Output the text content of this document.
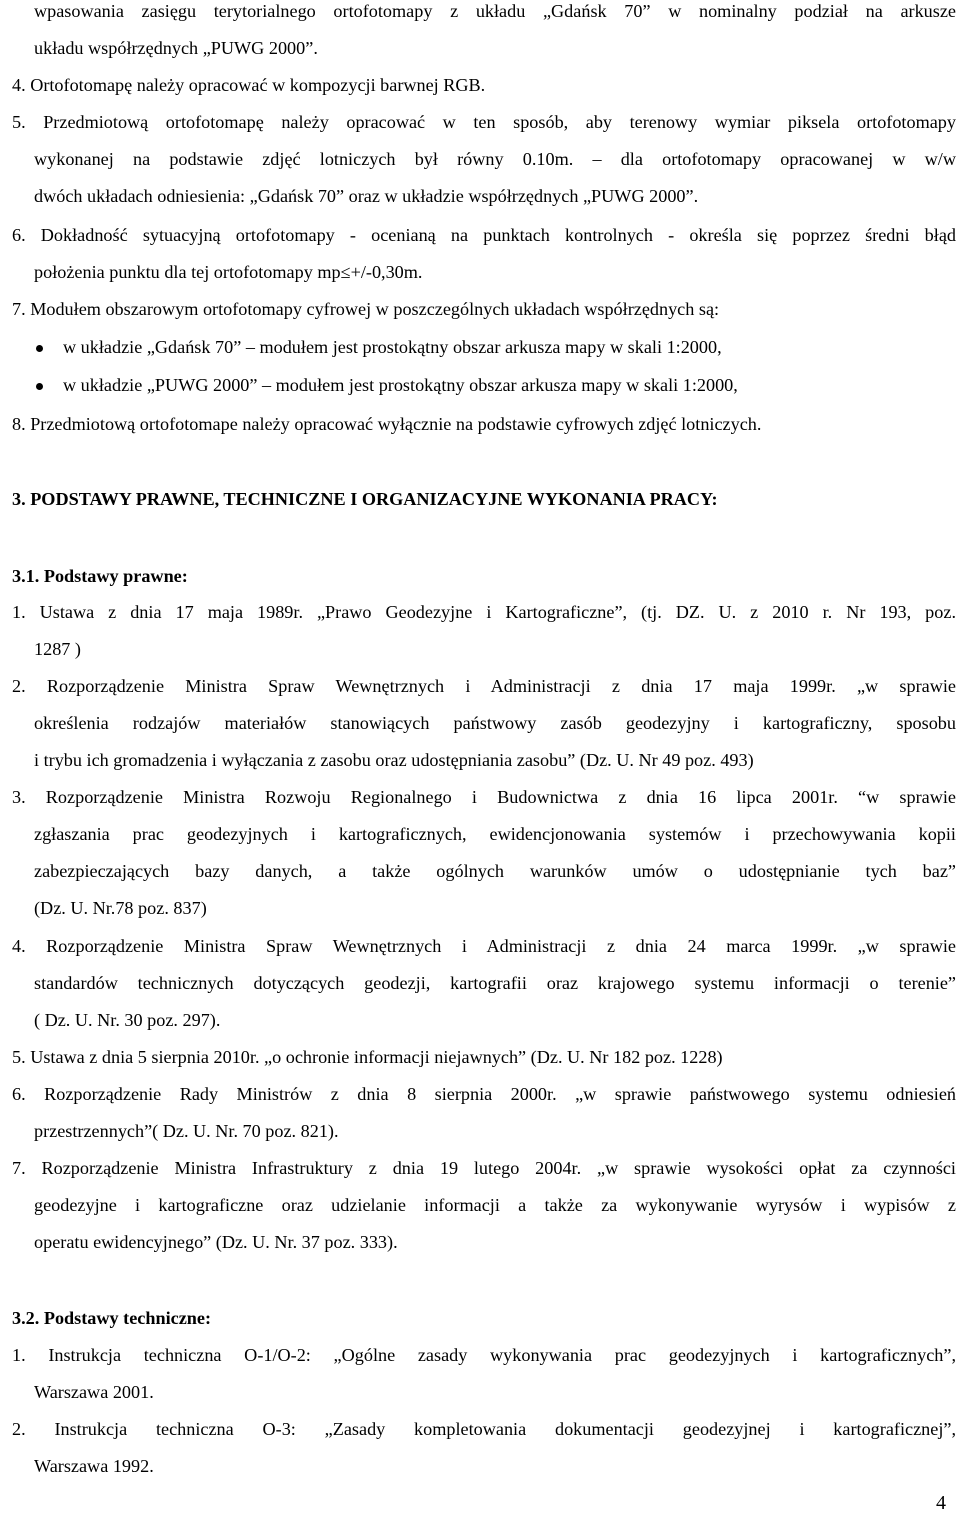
wpasowania zasięgu terytorialnego ortofotomapy z układu „Gdańsk 70” w nominalny podział na arkusze
układu współrzędnych „PUWG 2000”.
4. Ortofotomapę należy opracować w kompozycji barwnej RGB.
5. Przedmiotową ortofotomapę należy opracować w ten sposób, aby terenowy wymiar piksela ortofotomapy
wykonanej na podstawie zdjęć lotniczych był równy 0.10m. – dla ortofotomapy opracowanej w w/w
dwóch układach odniesienia: „Gdańsk 70” oraz w układzie współrzędnych „PUWG 2000”.
6. Dokładność sytuacyjną ortofotomapy - ocenianą na punktach kontrolnych - określa się poprzez średni błąd
położenia punktu dla tej ortofotomapy mp≤+/-0,30m.
7. Modułem obszarowym ortofotomapy cyfrowej w poszczególnych układach współrzędnych są:
w układzie „Gdańsk 70” – modułem jest prostokątny obszar arkusza mapy w skali 1:2000,
w układzie „PUWG 2000” – modułem jest prostokątny obszar arkusza mapy w skali 1:2000,
8. Przedmiotową ortofotomape należy opracować wyłącznie na podstawie cyfrowych zdjęć lotniczych.
3. PODSTAWY PRAWNE, TECHNICZNE I ORGANIZACYJNE WYKONANIA PRACY:
3.1. Podstawy prawne:
1. Ustawa z dnia 17 maja 1989r. „Prawo Geodezyjne i Kartograficzne”, (tj. DZ. U. z 2010 r. Nr 193, poz.
1287 )
2. Rozporządzenie Ministra Spraw Wewnętrznych i Administracji z dnia 17 maja 1999r. „w sprawie
określenia rodzajów materiałów stanowiących państwowy zasób geodezyjny i kartograficzny, sposobu
i trybu ich gromadzenia i wyłączania z zasobu oraz udostępniania zasobu” (Dz. U. Nr 49 poz. 493)
3. Rozporządzenie Ministra Rozwoju Regionalnego i Budownictwa z dnia 16 lipca 2001r. “w sprawie
zgłaszania prac geodezyjnych i kartograficznych, ewidencjonowania systemów i przechowywania kopii
zabezpieczających bazy danych, a także ogólnych warunków umów o udostępnianie tych baz”
(Dz. U. Nr.78 poz. 837)
4. Rozporządzenie Ministra Spraw Wewnętrznych i Administracji z dnia 24 marca 1999r. „w sprawie
standardów technicznych dotyczących geodezji, kartografii oraz krajowego systemu informacji o terenie”
( Dz. U. Nr. 30 poz. 297).
5. Ustawa z dnia 5 sierpnia 2010r. „o ochronie informacji niejawnych” (Dz. U. Nr 182 poz. 1228)
6. Rozporządzenie Rady Ministrów z dnia 8 sierpnia 2000r. „w sprawie państwowego systemu odniesień
przestrzennych”( Dz. U. Nr. 70 poz. 821).
7. Rozporządzenie Ministra Infrastruktury z dnia 19 lutego 2004r. „w sprawie wysokości opłat za czynności
geodezyjne i kartograficzne oraz udzielanie informacji a także za wykonywanie wyrysów i wypisów z
operatu ewidencyjnego” (Dz. U. Nr. 37 poz. 333).
3.2. Podstawy techniczne:
1. Instrukcja techniczna O-1/O-2: „Ogólne zasady wykonywania prac geodezyjnych i kartograficznych”,
Warszawa 2001.
2. Instrukcja techniczna O-3: „Zasady kompletowania dokumentacji geodezyjnej i kartograficznej”,
Warszawa 1992.
4
